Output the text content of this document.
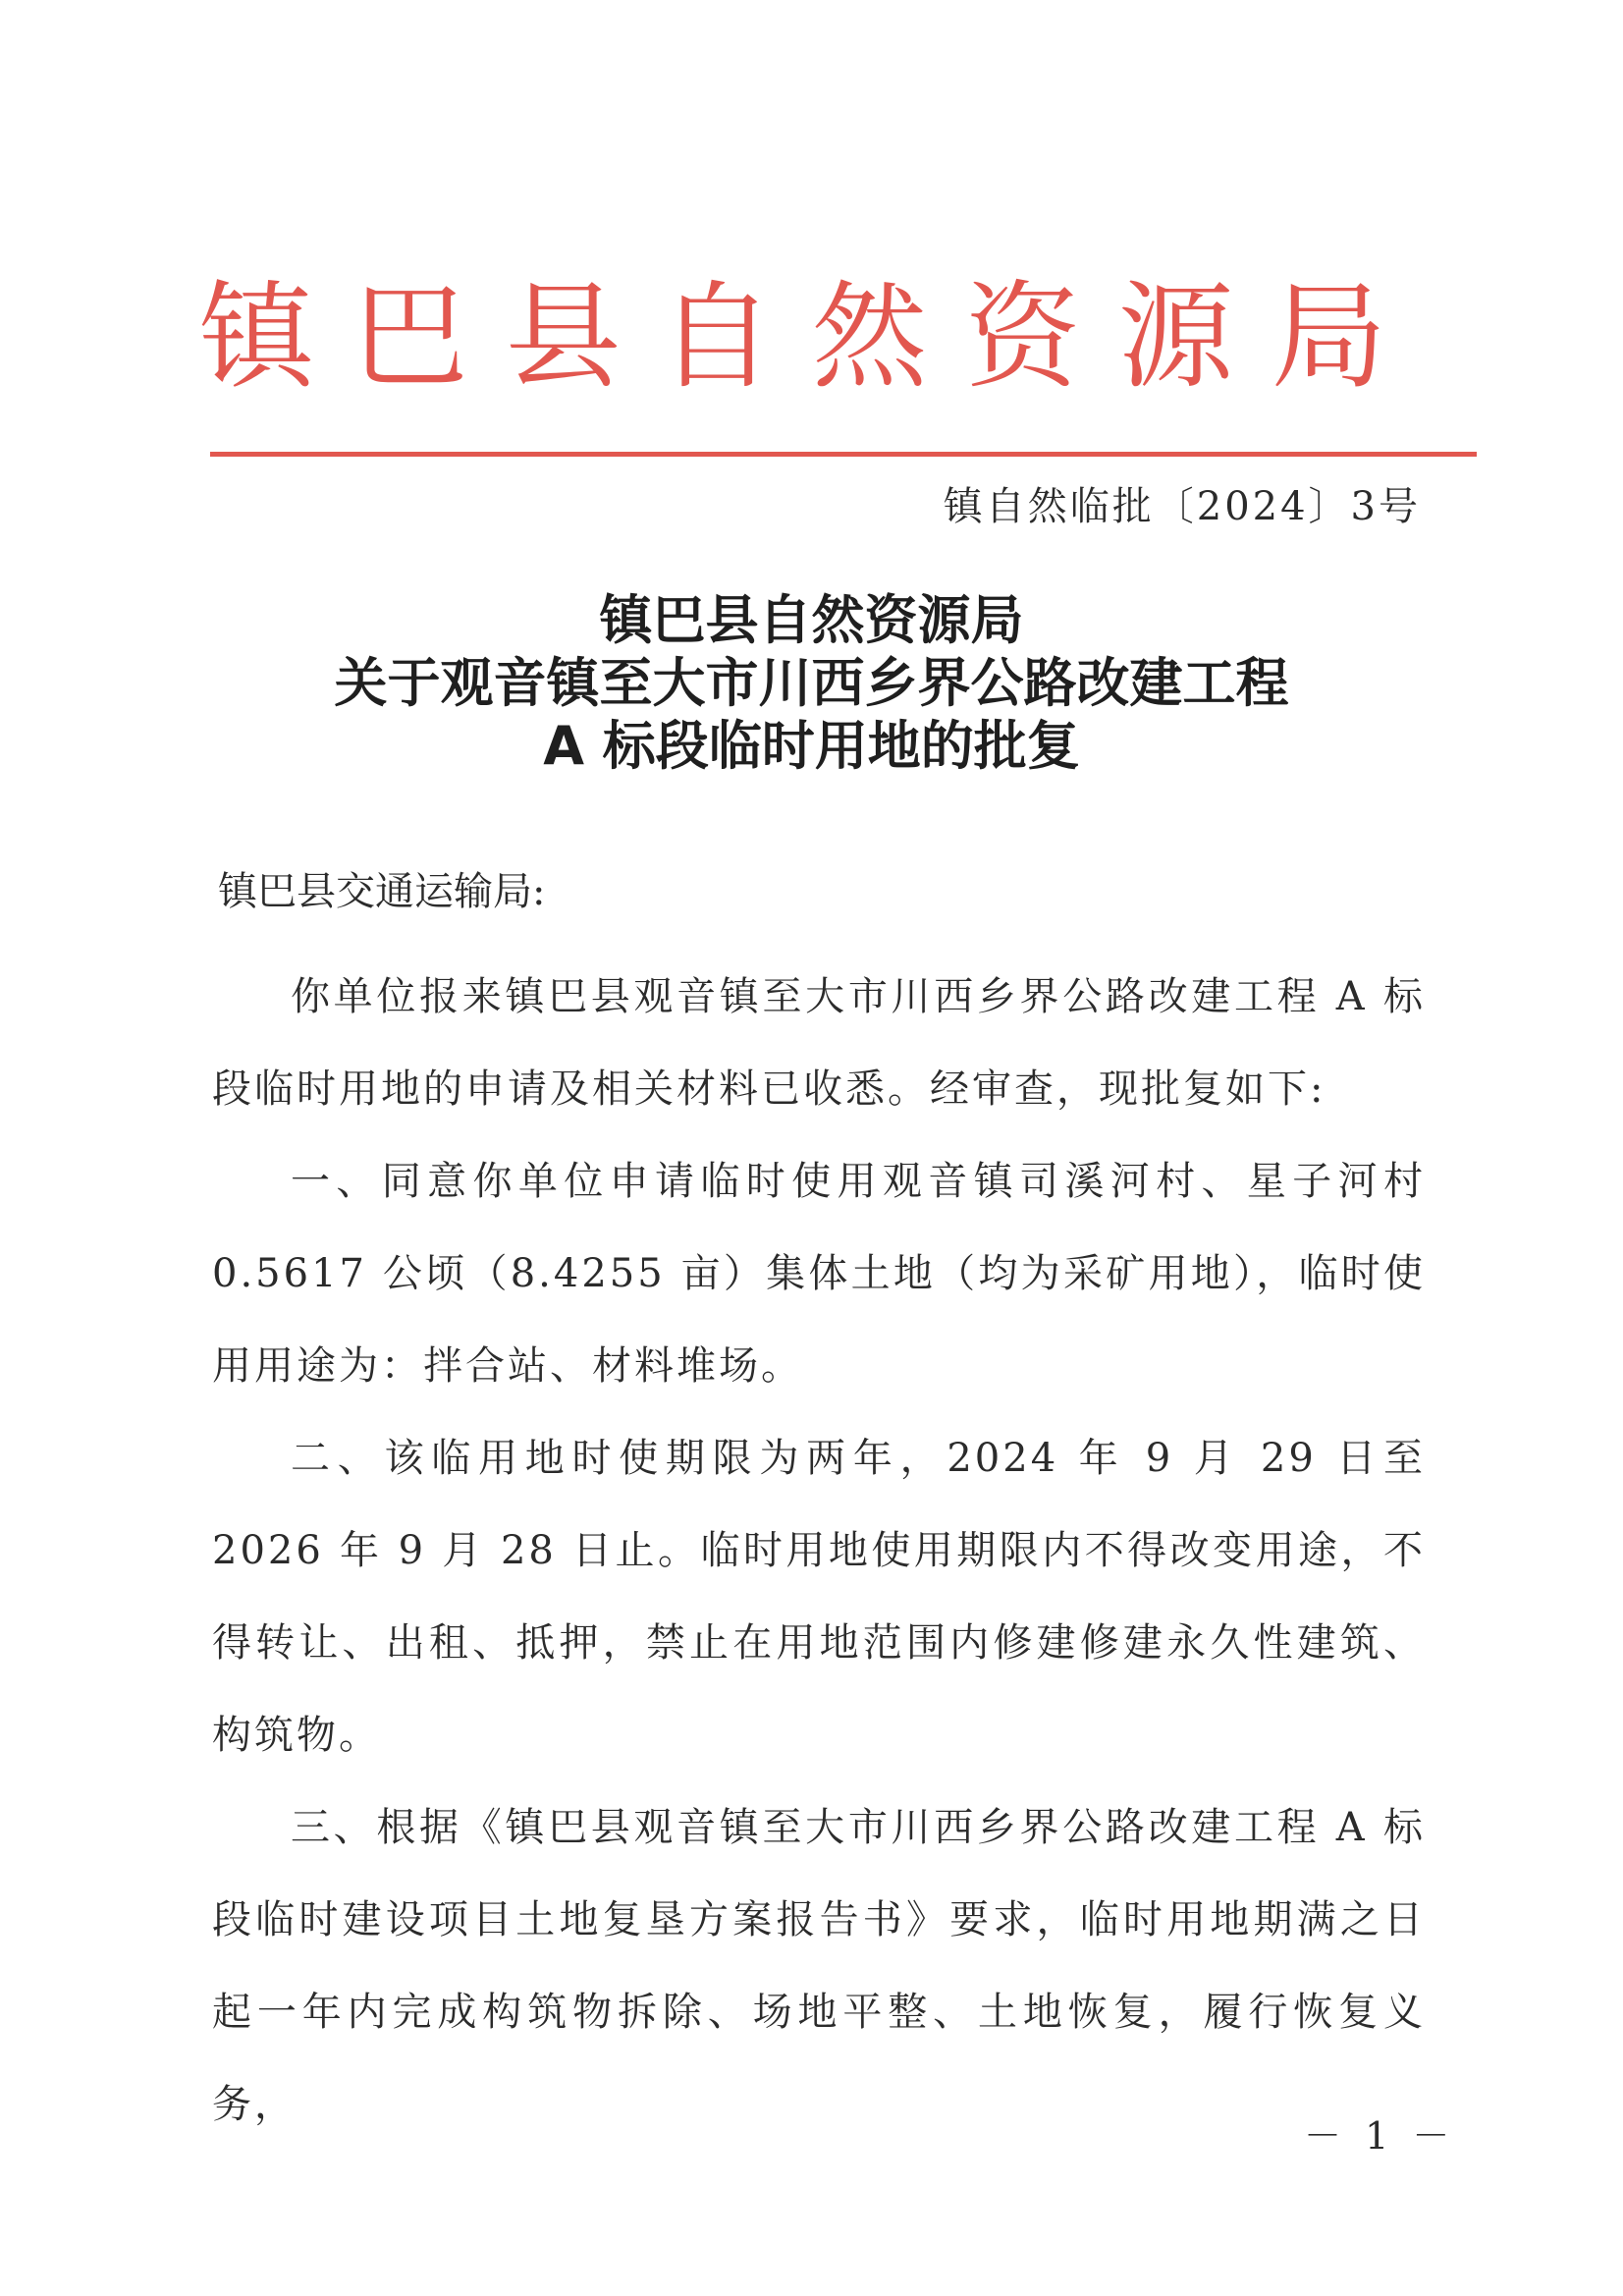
镇巴县自然资源局
镇自然临批〔2024〕3号
镇巴县自然资源局
关于观音镇至大市川西乡界公路改建工程
A 标段临时用地的批复
镇巴县交通运输局:

你单位报来镇巴县观音镇至大市川西乡界公路改建工程 A 标段临时用地的申请及相关材料已收悉。经审查，现批复如下:

一、同意你单位申请临时使用观音镇司溪河村、星子河村 0.5617 公顷（8.4255 亩）集体土地（均为采矿用地），临时使用用途为：拌合站、材料堆场。

二、该临用地时使期限为两年，2024 年 9 月 29 日至 2026 年 9 月 28 日止。临时用地使用期限内不得改变用途，不得转让、出租、抵押，禁止在用地范围内修建修建永久性建筑、构筑物。

三、根据《镇巴县观音镇至大市川西乡界公路改建工程 A 标段临时建设项目土地复垦方案报告书》要求，临时用地期满之日起一年内完成构筑物拆除、场地平整、土地恢复，履行恢复义务，

－ 1 －
